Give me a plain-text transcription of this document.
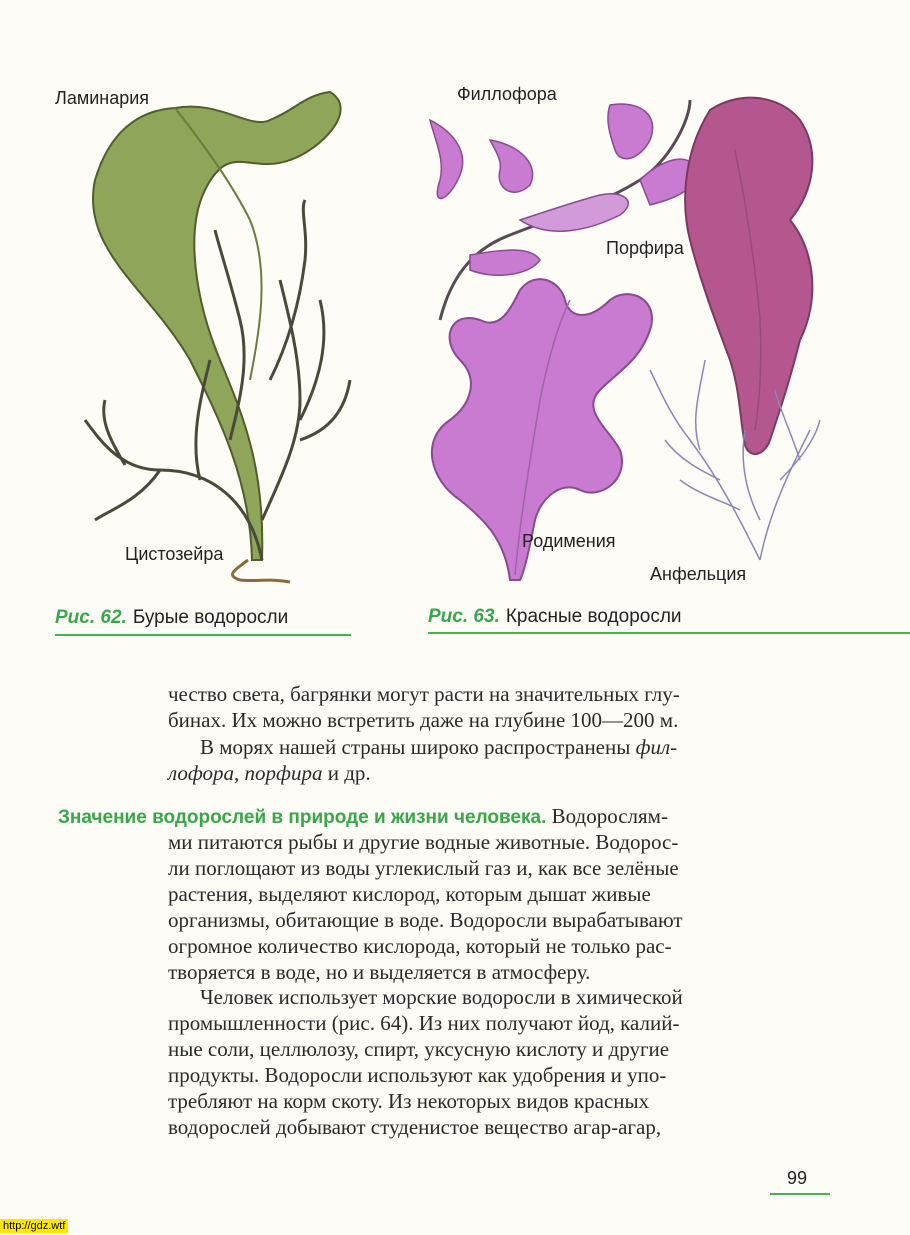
Ламинария
Цистозейра
Филлофора
Порфира
Родимения
Анфельция
Рис. 62. Бурые водоросли	Рис. 63. Красные водоросли
чество света, багрянки могут расти на значительных глу-
бинах. Их можно встретить даже на глубине 100—200 м.
В морях нашей страны широко распространены фил-
лофора, порфира и др.
Значение водорослей в природе и жизни человека. Водорослям-
ми питаются рыбы и другие водные животные. Водорос-
ли поглощают из воды углекислый газ и, как все зелёные
растения, выделяют кислород, которым дышат живые
организмы, обитающие в воде. Водоросли вырабатывают
огромное количество кислорода, который не только рас-
творяется в воде, но и выделяется в атмосферу.
Человек использует морские водоросли в химической
промышленности (рис. 64). Из них получают йод, калий-
ные соли, целлюлозу, спирт, уксусную кислоту и другие
продукты. Водоросли используют как удобрения и упо-
требляют на корм скоту. Из некоторых видов красных
водорослей добывают студенистое вещество агар-агар,
99
http://gdz.wtf
